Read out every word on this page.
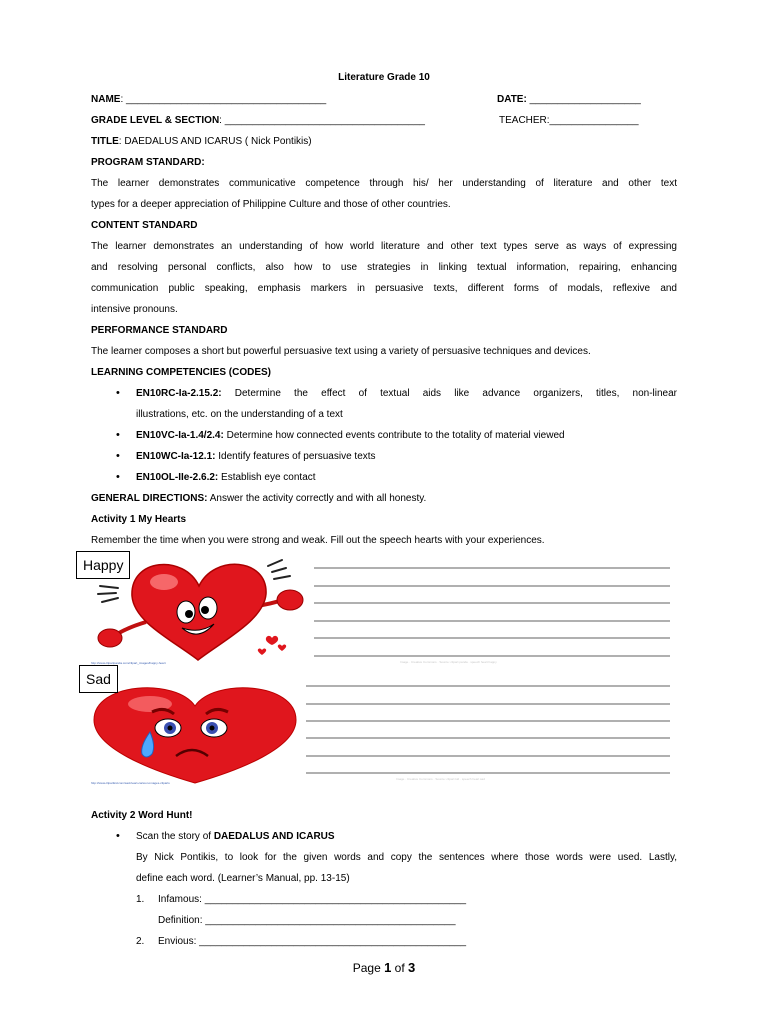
Literature Grade 10
NAME: ____________________________________	DATE: ____________________
GRADE LEVEL & SECTION: ____________________________________	TEACHER:________________
TITLE: DAEDALUS AND ICARUS ( Nick Pontikis)
PROGRAM STANDARD:
The learner demonstrates communicative competence through his/ her understanding of literature and other text
types for a deeper appreciation of Philippine Culture and those of other countries.
CONTENT STANDARD
The learner demonstrates an understanding of how world literature and other text types serve as ways of expressing
and resolving personal conflicts, also how to use strategies in linking textual information, repairing, enhancing
communication public speaking, emphasis markers in persuasive texts, different forms of modals, reflexive and
intensive pronouns.
PERFORMANCE STANDARD
The learner composes a short but powerful persuasive text using a variety of persuasive techniques and devices.
LEARNING COMPETENCIES (CODES)
• EN10RC-Ia-2.15.2: Determine the effect of textual aids like advance organizers, titles, non-linear
illustrations, etc. on the understanding of a text
• EN10VC-Ia-1.4/2.4: Determine how connected events contribute to the totality of material viewed
• EN10WC-Ia-12.1: Identify features of persuasive texts
• EN10OL-IIe-2.6.2: Establish eye contact
GENERAL DIRECTIONS: Answer the activity correctly and with all honesty.
Activity 1 My Hearts
Remember the time when you were strong and weak. Fill out the speech hearts with your experiences.
Happy
http://www.clipartpanda.com/clipart_images/happy-heart	Image · Creative Commons · Source: clipart panda · speech heart happy
Sad
http://www.clipartkid.com/sad-heart-cartoon-images-cliparts
Image · Creative Commons · Source: clipart kid · speech heart sad
Activity 2 Word Hunt!
• Scan the story of DAEDALUS AND ICARUS
By Nick Pontikis, to look for the given words and copy the sentences where those words were used. Lastly,
define each word. (Learner’s Manual, pp. 13-15)
1.	Infamous: _______________________________________________
Definition: _____________________________________________
2.	Envious: ________________________________________________
Page 1 of 3
